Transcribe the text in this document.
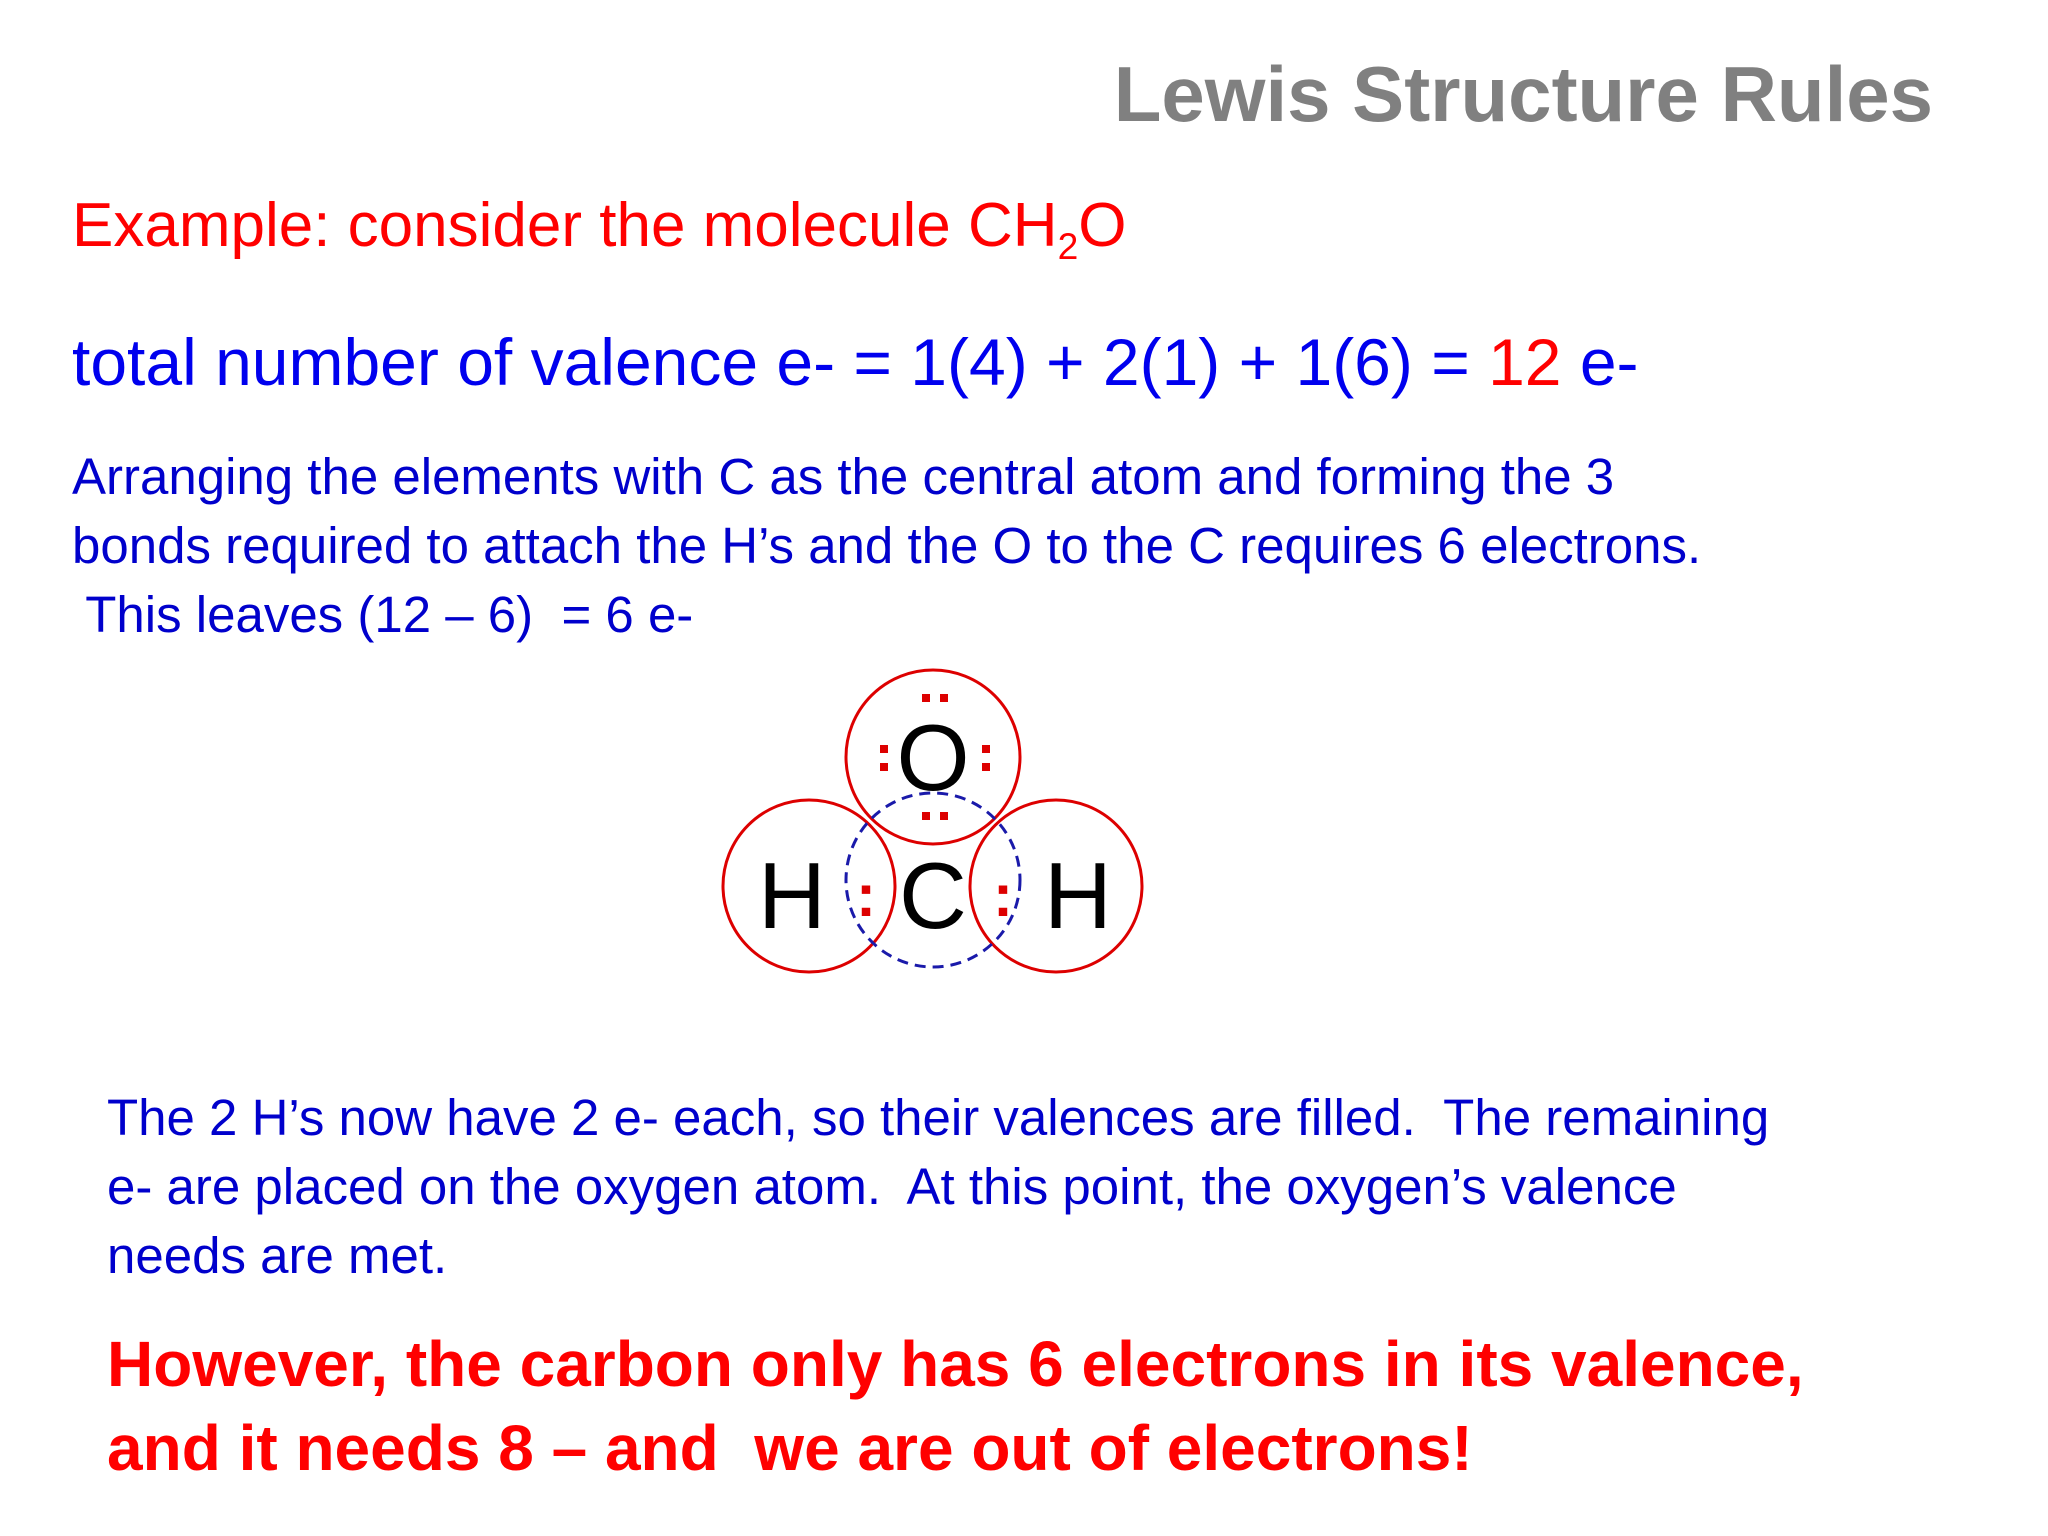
Lewis Structure Rules

Example: consider the molecule $CH_2O$

total number of valence e- = 1(4) + 2(1) + 1(6) = 12 e-

Arranging the elements with C as the central atom and forming the 3
bonds required to attach the H’s and the O to the C requires 6 electrons.
This leaves (12 – 6)  = 6 e-
O
C
H H
: :
The 2 H’s now have 2 e- each, so their valences are filled.  The remaining
e- are placed on the oxygen atom.  At this point, the oxygen’s valence
needs are met.
However, the carbon only has 6 electrons in its valence,
and it needs 8 – and  we are out of electrons!
